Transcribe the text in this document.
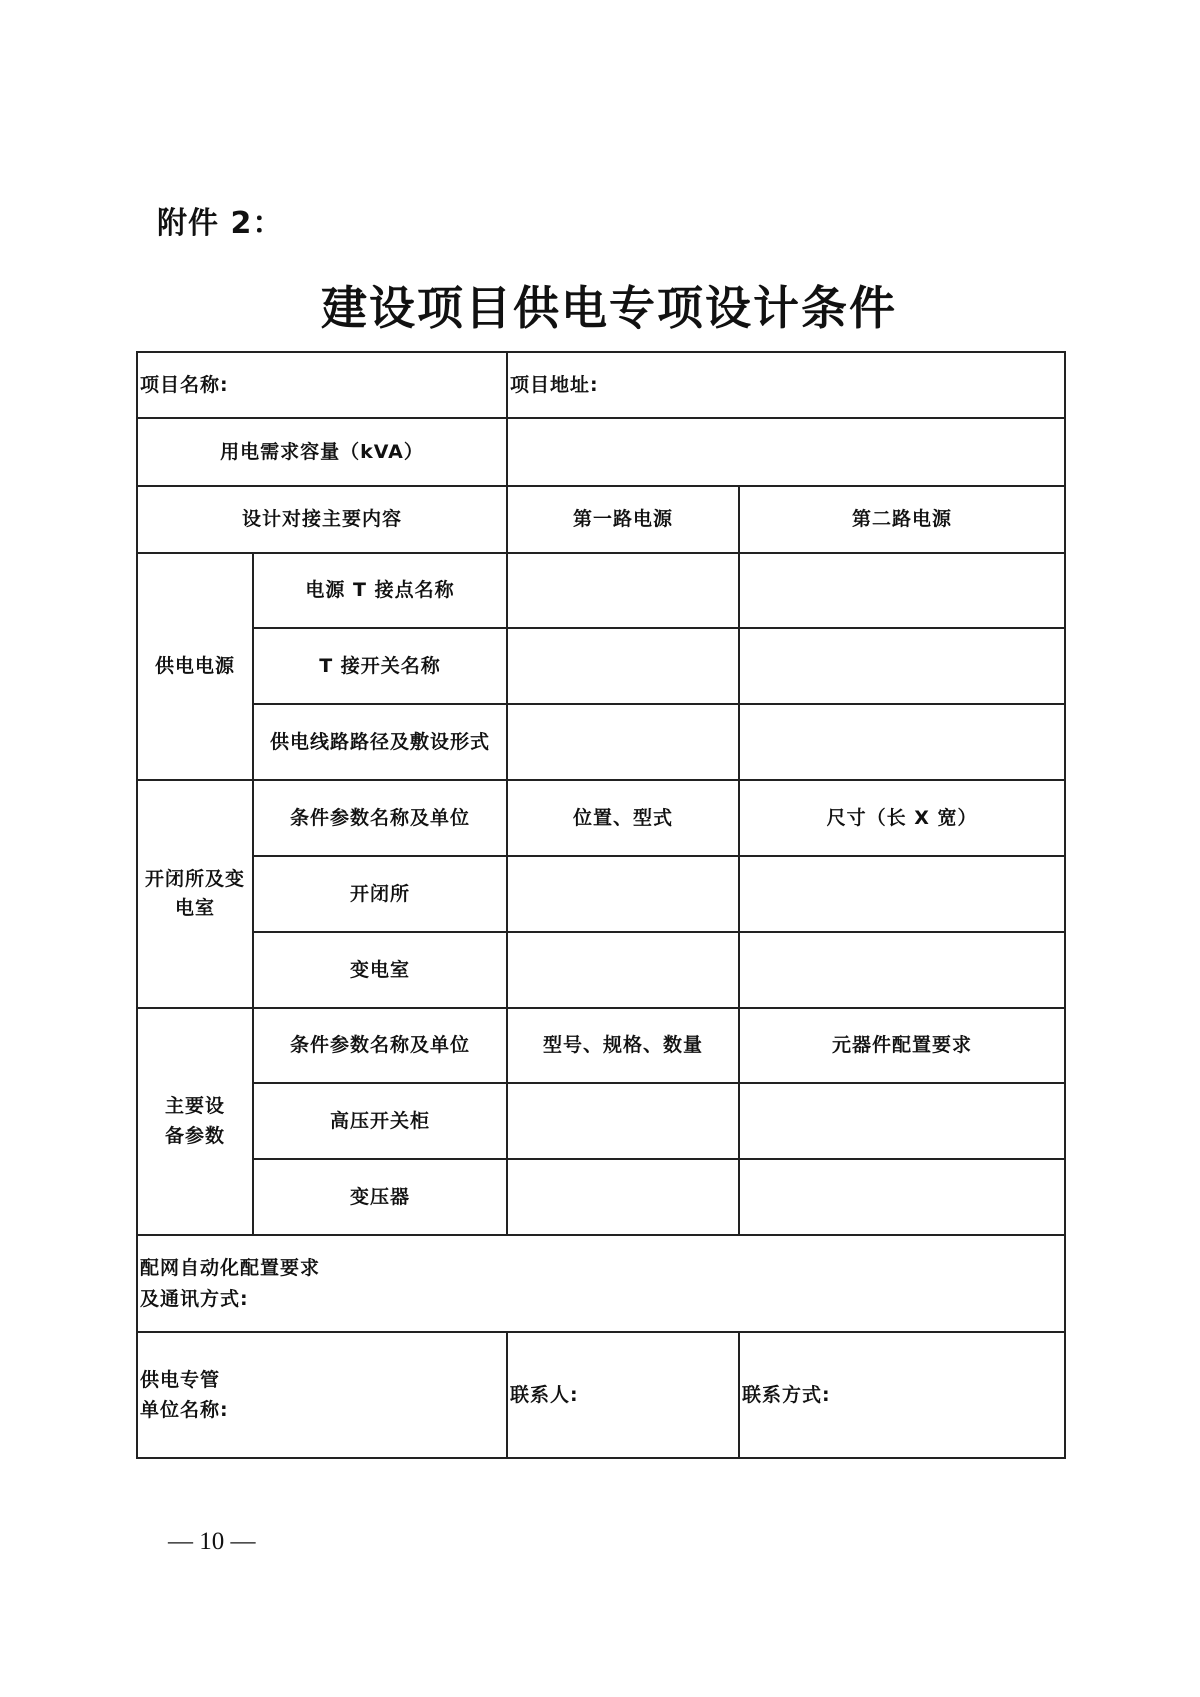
附件 2：
建设项目供电专项设计条件
项目名称:		项目地址:	
用电需求容量（kVA）			
设计对接主要内容		第一路电源	第二路电源
供电电源	电源 T 接点名称		
	T 接开关名称		
	供电线路路径及敷设形式		
开闭所及变电室	条件参数名称及单位	位置、型式	尺寸（长 X 宽）
	开闭所		
	变电室		
主要设备参数	条件参数名称及单位	型号、规格、数量	元器件配置要求
	高压开关柜		
	变压器		

配网自动化配置要求
及通讯方式:			

供电专管
单位名称:		联系人:	联系方式:
— 10 —
